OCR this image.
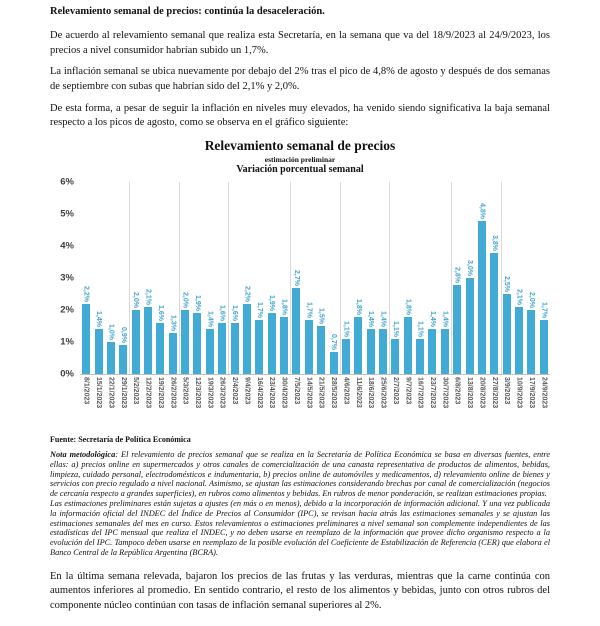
Relevamiento semanal de precios: continúa la desaceleración.

De acuerdo al relevamiento semanal que realiza esta Secretaría, en la semana que va del 18/9/2023 al 24/9/2023, los precios a nivel consumidor habrían subido un 1,7%.

La inflación semanal se ubica nuevamente por debajo del 2% tras el pico de 4,8% de agosto y después de dos semanas de septiembre con subas que habrían sido del 2,1% y 2,0%.

De esta forma, a pesar de seguir la inflación en niveles muy elevados, ha venido siendo significativa la baja semanal respecto a los picos de agosto, como se observa en el gráfico siguiente:

Relevamiento semanal de precios

estimación preliminar

Variación porcentual semanal

6%
5%
4%
3%
2%
1%
0%
2,2%
1,4%
1,0% 0,9%
2,0% 2,1%
1,6%
1,3%
2,0% 1,9%
1,4% 1,6% 1,6%
2,2%
1,7% 1,9% 1,8%
2,7%
1,7% 1,5%
0,7%
1,1%
1,8%
1,4% 1,4%
1,1%
1,8%
1,1%
1,4% 1,4%
2,8% 3,0%
4,8%
3,8%
2,5%
2,1% 2,0%
1,7%
8/1/2023 15/1/2023 22/1/2023 29/1/2023 5/2/2023 12/2/2023 19/2/2023 26/2/2023 5/3/2023 12/3/2023 19/3/2023 26/3/2023 2/4/2023 9/4/2023 16/4/2023 23/4/2023 30/4/2023 7/5/2023 14/5/2023 21/5/2023 28/5/2023 4/6/2023 11/6/2023 18/6/2023 25/6/2023 2/7/2023 9/7/2023 16/7/2023 23/7/2023 30/7/2023 6/8/2023 13/8/2023 20/8/2023 27/8/2023 3/9/2023 10/9/2023 17/9/2023 24/9/2023

Fuente: Secretaría de Política Económica

Nota metodológica: El relevamiento de precios semanal que se realiza en la Secretaría de Política Económica se basa en diversas fuentes, entre ellas: a) precios online en supermercados y otros canales de comercialización de una canasta representativa de productos de alimentos, bebidas, limpieza, cuidado personal, electrodomésticos e indumentaria, b) precios online de automóviles y medicamentos, d) relevamiento online de bienes y servicios con precio regulado a nivel nacional. Asimismo, se ajustan las estimaciones considerando brechas por canal de comercialización (negocios de cercanía respecto a grandes superficies), en rubros como alimentos y bebidas. En rubros de menor ponderación, se realizan estimaciones propias.

Las estimaciones preliminares están sujetas a ajustes (en más o en menos), debido a la incorporación de información adicional. Y una vez publicada la información oficial del INDEC del Índice de Precios al Consumidor (IPC), se revisan hacia atrás las estimaciones semanales y se ajustan las estimaciones semanales del mes en curso. Estos relevamientos o estimaciones preliminares a nivel semanal son complemente independientes de las estadísticas del IPC mensual que realiza el INDEC, y no deben usarse en reemplazo de la información que provee dicho organismo respecto a la evolución del IPC. Tampoco deben usarse en reemplazo de la posible evolución del Coeficiente de Estabilización de Referencia (CER) que elabora el Banco Central de la República Argentina (BCRA).

En la última semana relevada, bajaron los precios de las frutas y las verduras, mientras que la carne continúa con aumentos inferiores al promedio. En sentido contrario, el resto de los alimentos y bebidas, junto con otros rubros del componente núcleo continúan con tasas de inflación semanal superiores al 2%.
